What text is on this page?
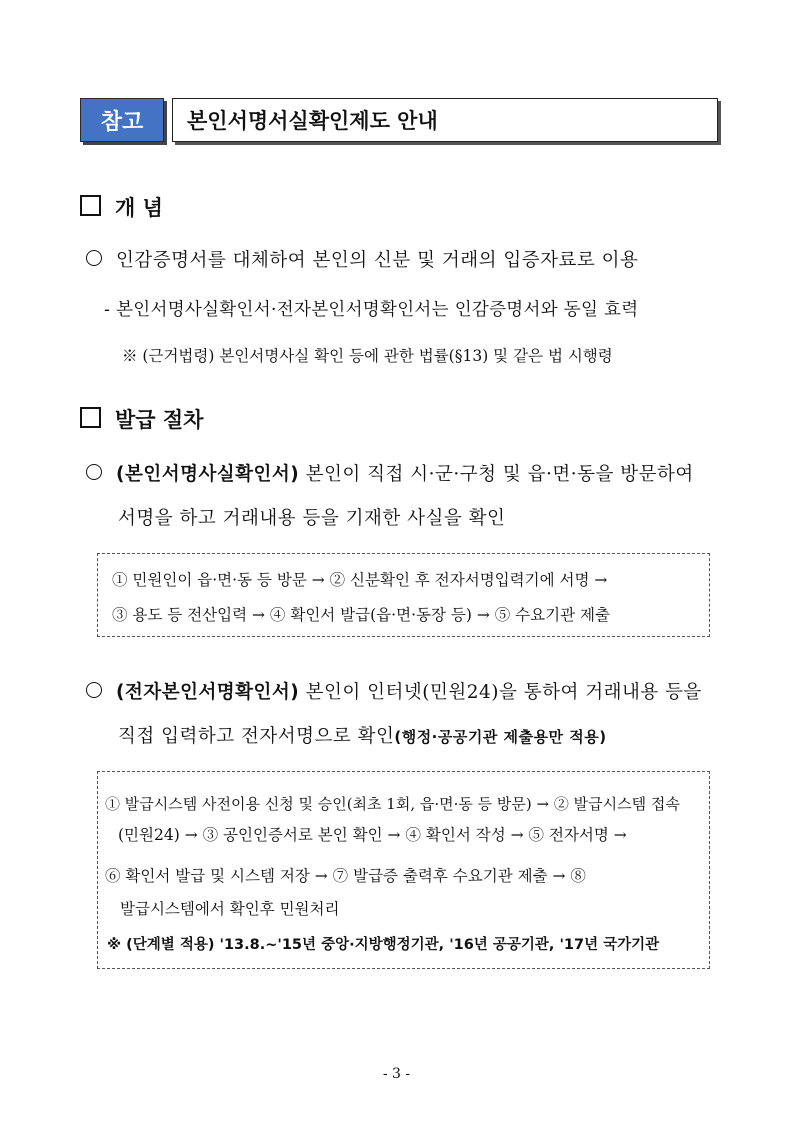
참고	본인서명서실확인제도 안내
개 념
인감증명서를 대체하여 본인의 신분 및 거래의 입증자료로 이용
- 본인서명사실확인서·전자본인서명확인서는 인감증명서와 동일 효력
※ (근거법령) 본인서명사실 확인 등에 관한 법률(§13) 및 같은 법 시행령
발급 절차
(본인서명사실확인서) 본인이 직접 시·군·구청 및 읍·면·동을 방문하여
서명을 하고 거래내용 등을 기재한 사실을 확인
① 민원인이 읍·면·동 등 방문 → ② 신분확인 후 전자서명입력기에 서명 →
③ 용도 등 전산입력 → ④ 확인서 발급(읍·면·동장 등) → ⑤ 수요기관 제출
(전자본인서명확인서) 본인이 인터넷(민원24)을 통하여 거래내용 등을
직접 입력하고 전자서명으로 확인(행정·공공기관 제출용만 적용)
① 발급시스템 사전이용 신청 및 승인(최초 1회, 읍·면·동 등 방문) → ② 발급시스템 접속
(민원24) → ③ 공인인증서로 본인 확인 → ④ 확인서 작성 → ⑤ 전자서명 →
⑥ 확인서 발급 및 시스템 저장 → ⑦ 발급증 출력후 수요기관 제출 → ⑧
발급시스템에서 확인후 민원처리
※ (단계별 적용) '13.8.~'15년 중앙·지방행정기관, '16년 공공기관, '17년 국가기관
- 3 -
